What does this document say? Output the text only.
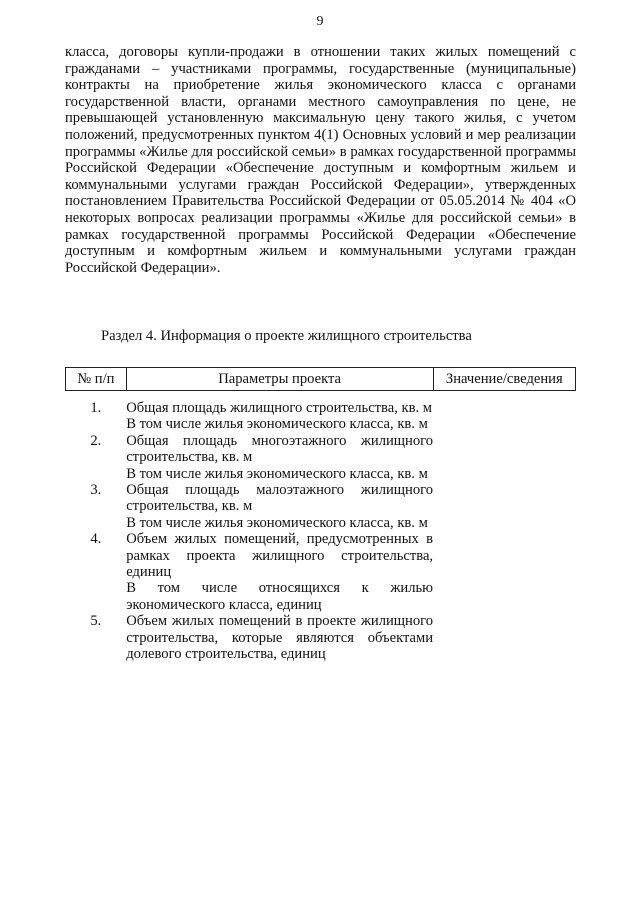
9

класса, договоры купли-продажи в отношении таких жилых помещений с гражданами – участниками программы, государственные (муниципальные) контракты на приобретение жилья экономического класса с органами государственной власти, органами местного самоуправления по цене, не превышающей установленную максимальную цену такого жилья, с учетом положений, предусмотренных пунктом 4(1) Основных условий и мер реализации программы «Жилье для российской семьи» в рамках государственной программы Российской Федерации «Обеспечение доступным и комфортным жильем и коммунальными услугами граждан Российской Федерации», утвержденных постановлением Правительства Российской Федерации от 05.05.2014 № 404 «О некоторых вопросах реализации программы «Жилье для российской семьи» в рамках государственной программы Российской Федерации «Обеспечение доступным и комфортным жильем и коммунальными услугами граждан Российской Федерации».

Раздел 4. Информация о проекте жилищного строительства
№ п/п	Параметры проекта	Значение/сведения
1.	Общая площадь жилищного строительства, кв. м
В том числе жилья экономического класса, кв. м	

2.	Общая площадь многоэтажного жилищного строительства, кв. м
В том числе жилья экономического класса, кв. м	

3.	Общая площадь малоэтажного жилищного строительства, кв. м
В том числе жилья экономического класса, кв. м	

4.	Объем жилых помещений, предусмотренных в рамках проекта жилищного строительства, единиц
В том числе относящихся к жилью экономического класса, единиц	

5.	Объем жилых помещений в проекте жилищного строительства, которые являются объектами долевого строительства, единиц	
